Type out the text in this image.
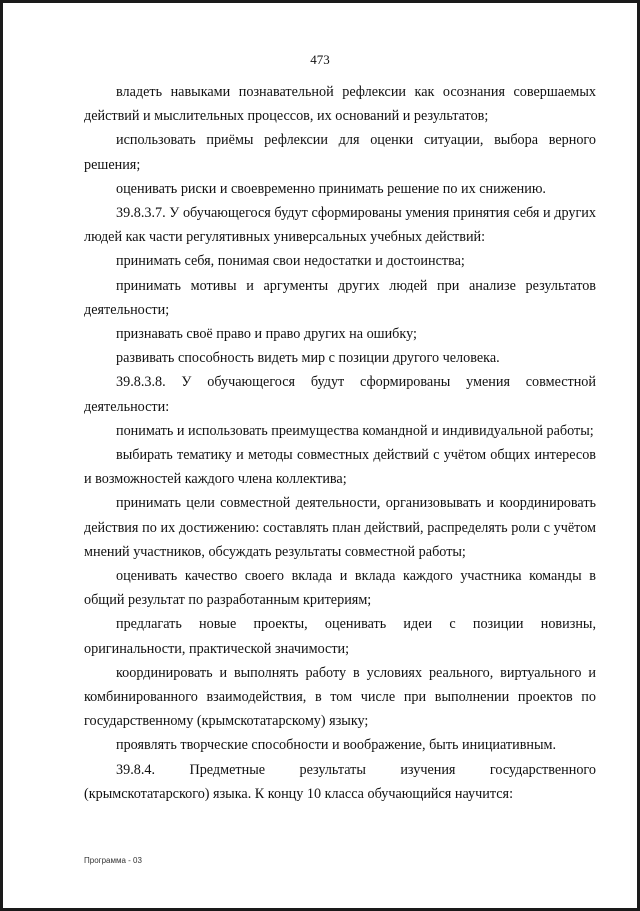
473

владеть навыками познавательной рефлексии как осознания совершаемых действий и мыслительных процессов, их оснований и результатов;

использовать приёмы рефлексии для оценки ситуации, выбора верного решения;

оценивать риски и своевременно принимать решение по их снижению.

39.8.3.7. У обучающегося будут сформированы умения принятия себя и других людей как части регулятивных универсальных учебных действий:

принимать себя, понимая свои недостатки и достоинства;

принимать мотивы и аргументы других людей при анализе результатов деятельности;

признавать своё право и право других на ошибку;

развивать способность видеть мир с позиции другого человека.

39.8.3.8. У обучающегося будут сформированы умения совместной деятельности:

понимать и использовать преимущества командной и индивидуальной работы;

выбирать тематику и методы совместных действий с учётом общих интересов и возможностей каждого члена коллектива;

принимать цели совместной деятельности, организовывать и координировать действия по их достижению: составлять план действий, распределять роли с учётом мнений участников, обсуждать результаты совместной работы;

оценивать качество своего вклада и вклада каждого участника команды в общий результат по разработанным критериям;

предлагать новые проекты, оценивать идеи с позиции новизны, оригинальности, практической значимости;

координировать и выполнять работу в условиях реального, виртуального и комбинированного взаимодействия, в том числе при выполнении проектов по государственному (крымскотатарскому) языку;

проявлять творческие способности и воображение, быть инициативным.

39.8.4. Предметные результаты изучения государственного (крымскотатарского) языка. К концу 10 класса обучающийся научится:

Программа - 03
